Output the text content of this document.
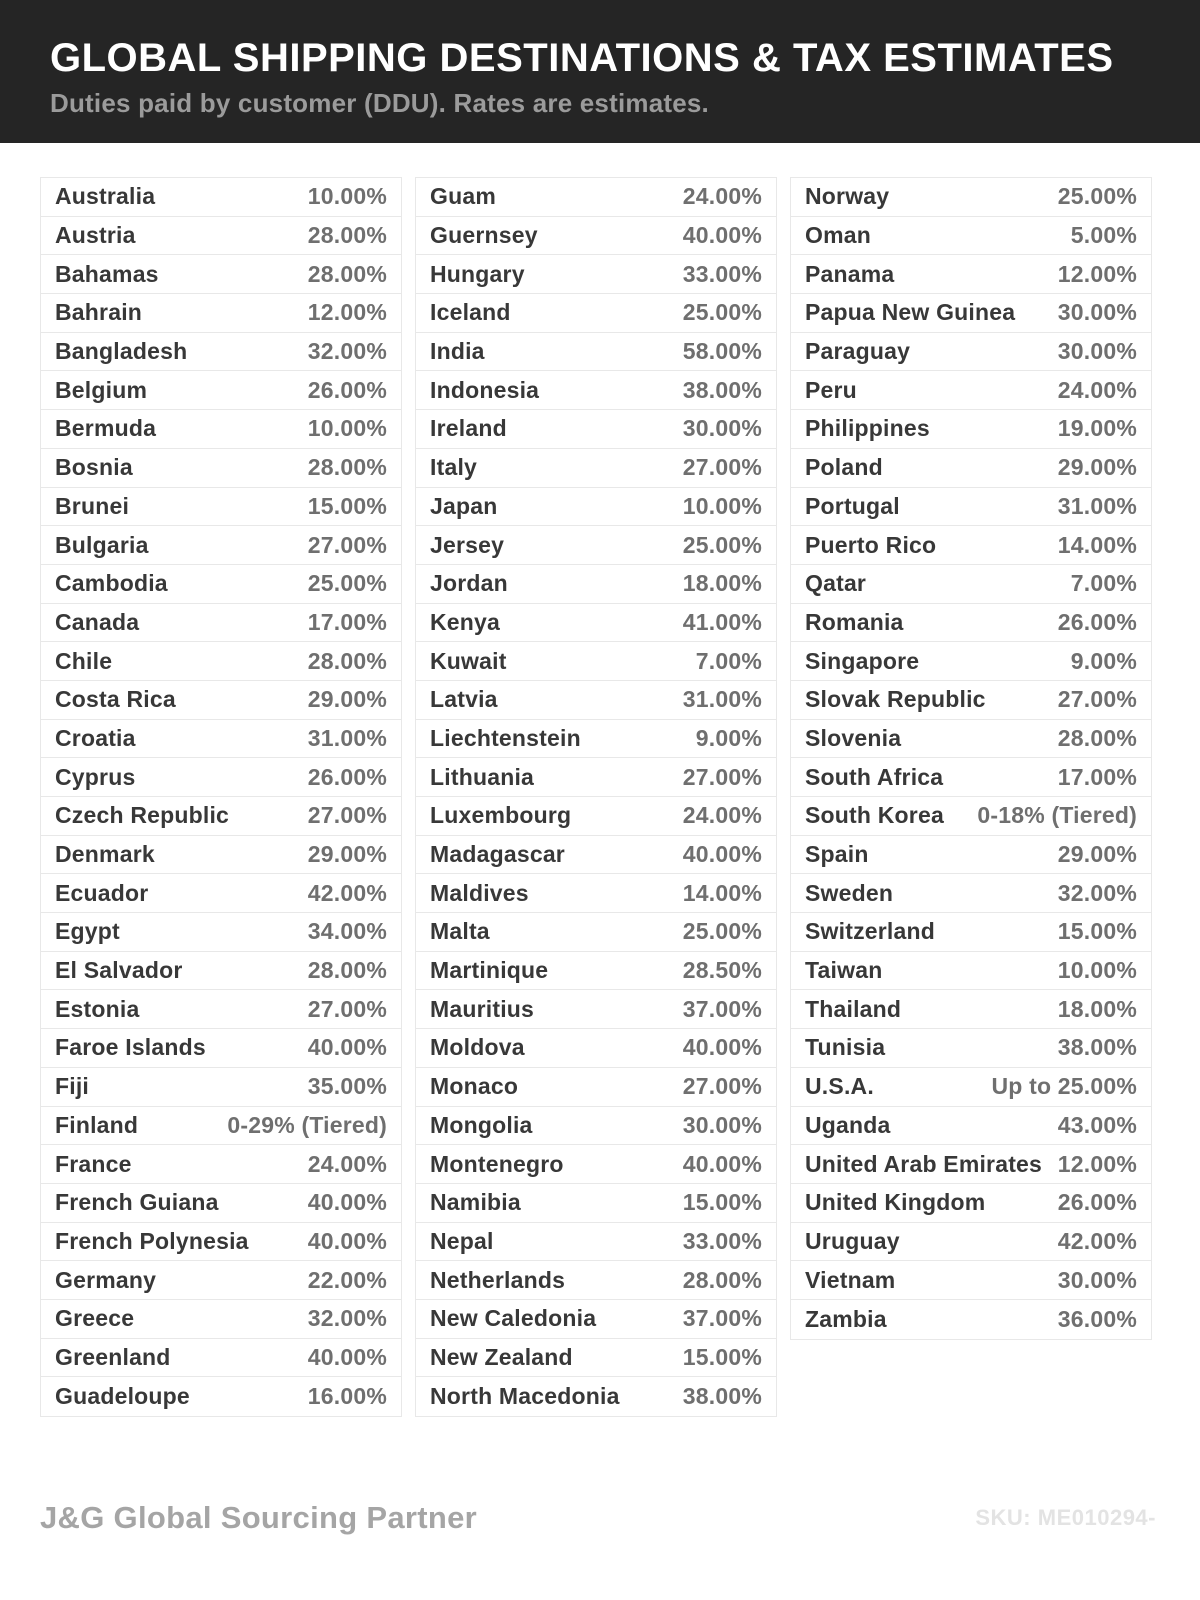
GLOBAL SHIPPING DESTINATIONS & TAX ESTIMATES
Duties paid by customer (DDU). Rates are estimates.
Australia	10.00%
Austria	28.00%
Bahamas	28.00%
Bahrain	12.00%
Bangladesh	32.00%
Belgium	26.00%
Bermuda	10.00%
Bosnia	28.00%
Brunei	15.00%
Bulgaria	27.00%
Cambodia	25.00%
Canada	17.00%
Chile	28.00%
Costa Rica	29.00%
Croatia	31.00%
Cyprus	26.00%
Czech Republic	27.00%
Denmark	29.00%
Ecuador	42.00%
Egypt	34.00%
El Salvador	28.00%
Estonia	27.00%
Faroe Islands	40.00%
Fiji	35.00%
Finland	0-29% (Tiered)
France	24.00%
French Guiana	40.00%
French Polynesia	40.00%
Germany	22.00%
Greece	32.00%
Greenland	40.00%
Guadeloupe	16.00%
Guam	24.00%
Guernsey	40.00%
Hungary	33.00%
Iceland	25.00%
India	58.00%
Indonesia	38.00%
Ireland	30.00%
Italy	27.00%
Japan	10.00%
Jersey	25.00%
Jordan	18.00%
Kenya	41.00%
Kuwait	7.00%
Latvia	31.00%
Liechtenstein	9.00%
Lithuania	27.00%
Luxembourg	24.00%
Madagascar	40.00%
Maldives	14.00%
Malta	25.00%
Martinique	28.50%
Mauritius	37.00%
Moldova	40.00%
Monaco	27.00%
Mongolia	30.00%
Montenegro	40.00%
Namibia	15.00%
Nepal	33.00%
Netherlands	28.00%
New Caledonia	37.00%
New Zealand	15.00%
North Macedonia	38.00%
Norway	25.00%
Oman	5.00%
Panama	12.00%
Papua New Guinea 30.00%
Paraguay	30.00%
Peru	24.00%
Philippines	19.00%
Poland	29.00%
Portugal	31.00%
Puerto Rico	14.00%
Qatar	7.00%
Romania	26.00%
Singapore	9.00%
Slovak Republic	27.00%
Slovenia	28.00%
South Africa	17.00%
South Korea 0-18% (Tiered)
Spain	29.00%
Sweden	32.00%
Switzerland	15.00%
Taiwan	10.00%
Thailand	18.00%
Tunisia	38.00%
U.S.A.	Up to 25.00%
Uganda	43.00%
United Arab Emirates 12.00%
United Kingdom	26.00%
Uruguay	42.00%
Vietnam	30.00%
Zambia	36.00%
J&G Global Sourcing Partner	SKU: ME010294-
